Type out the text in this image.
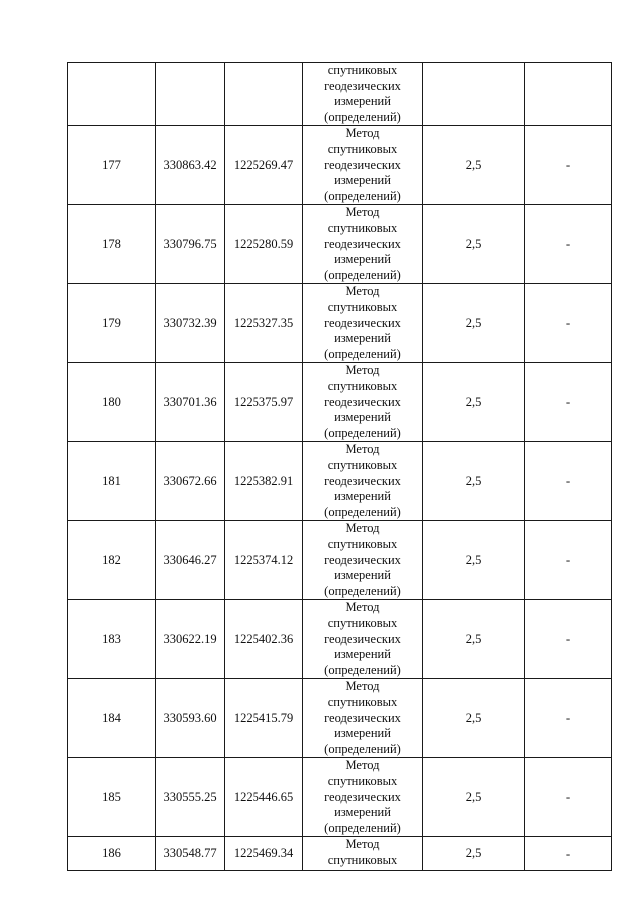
			спутниковых
геодезических
измерений
(определений)		

177	330863.42	1225269.47	Метод
спутниковых
геодезических
измерений
(определений)	2,5	-
178	330796.75	1225280.59	Метод
спутниковых
геодезических
измерений
(определений)	2,5	-
179	330732.39	1225327.35	Метод
спутниковых
геодезических
измерений
(определений)	2,5	-
180	330701.36	1225375.97	Метод
спутниковых
геодезических
измерений
(определений)	2,5	-
181	330672.66	1225382.91	Метод
спутниковых
геодезических
измерений
(определений)	2,5	-
182	330646.27	1225374.12	Метод
спутниковых
геодезических
измерений
(определений)	2,5	-
183	330622.19	1225402.36	Метод
спутниковых
геодезических
измерений
(определений)	2,5	-
184	330593.60	1225415.79	Метод
спутниковых
геодезических
измерений
(определений)	2,5	-
185	330555.25	1225446.65	Метод
спутниковых
геодезических
измерений
(определений)	2,5	-
186	330548.77	1225469.34	Метод
спутниковых	2,5	-
